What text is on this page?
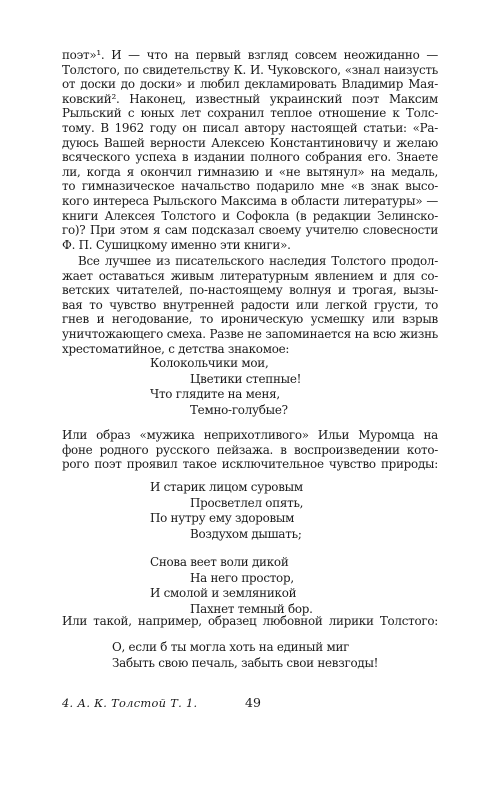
поэт»¹. И — что на первый взгляд совсем неожиданно —
Толстого, по свидетельству К. И. Чуковского, «знал наизусть
от доски до доски» и любил декламировать Владимир Мая-
ковский². Наконец, известный украинский поэт Максим
Рыльский с юных лет сохранил теплое отношение к Толс-
тому. В 1962 году он писал автору настоящей статьи: «Ра-
дуюсь Вашей верности Алексею Константиновичу и желаю
всяческого успеха в издании полного собрания его. Знаете
ли, когда я окончил гимназию и «не вытянул» на медаль,
то гимназическое начальство подарило мне «в знак высо-
кого интереса Рыльского Максима в области литературы» —
книги Алексея Толстого и Софокла (в редакции Зелинско-
го)? При этом я сам подсказал своему учителю словесности
Ф. П. Сушицкому именно эти книги».
Все лучшее из писательского наследия Толстого продол-
жает оставаться живым литературным явлением и для со-
ветских читателей, по-настоящему волнуя и трогая, вызы-
вая то чувство внутренней радости или легкой грусти, то
гнев и негодование, то ироническую усмешку или взрыв
уничтожающего смеха. Разве не запоминается на всю жизнь
хрестоматийное, с детства знакомое:
Колокольчики мои,
Цветики степные!
Что глядите на меня,
Темно-голубые?
Или образ «мужика неприхотливого» Ильи Муромца на
фоне родного русского пейзажа. в воспроизведении кото-
рого поэт проявил такое исключительное чувство природы:
И старик лицом суровым
Просветлел опять,
По нутру ему здоровым
Воздухом дышать;
Снова веет воли дикой
На него простор,
И смолой и земляникой
Пахнет темный бор.
Или такой, например, образец любовной лирики Толстого:
О, если б ты могла хоть на единый миг
Забыть свою печаль, забыть свои невзгоды!
4. А. К. Толстой Т. 1.	49
